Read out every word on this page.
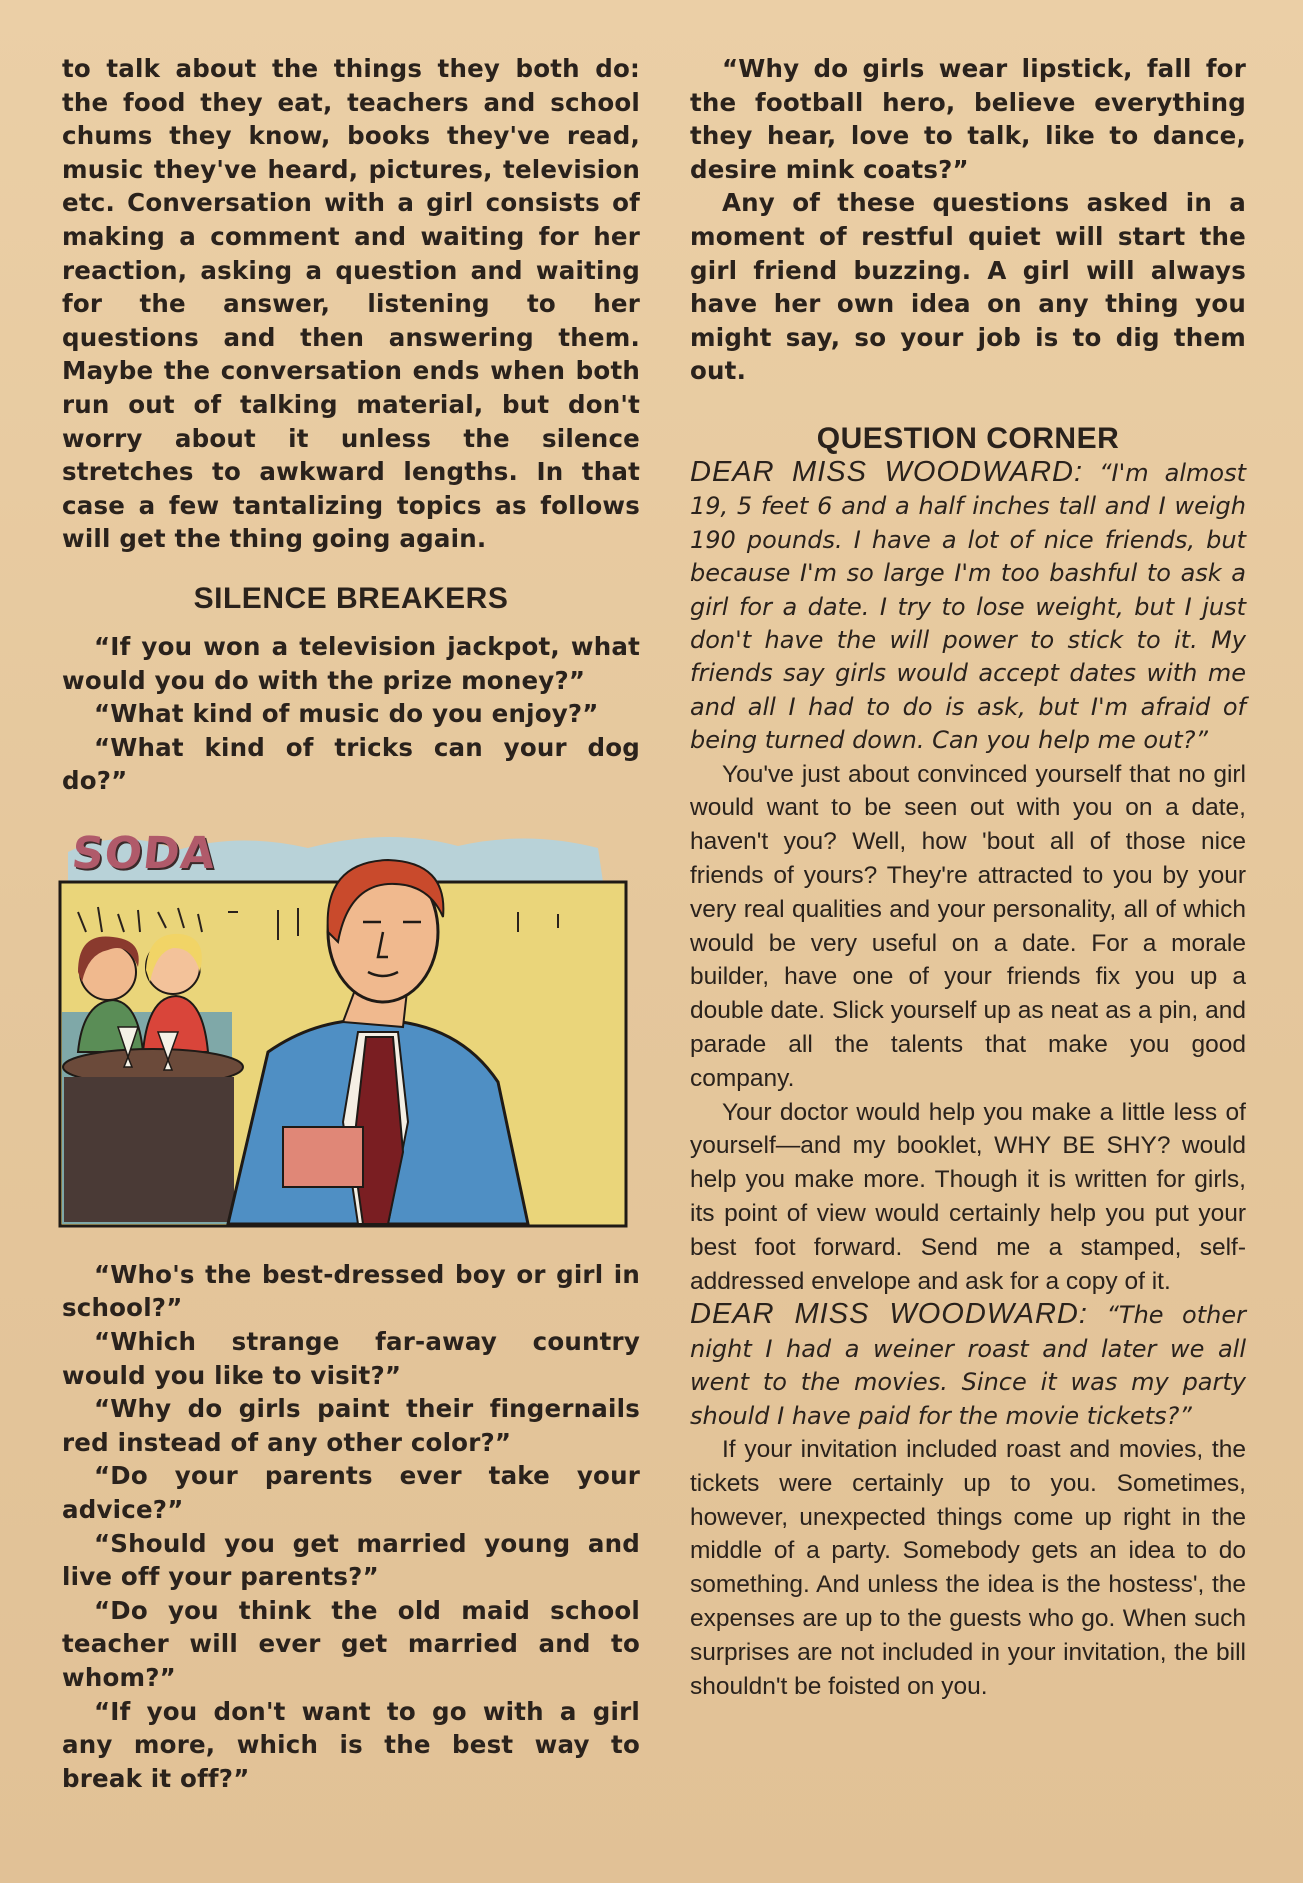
to talk about the things they both do: the food they eat, teachers and school chums they know, books they've read, music they've heard, pictures, television etc. Conversation with a girl consists of making a comment and waiting for her reaction, asking a question and waiting for the answer, listening to her questions and then answering them. Maybe the conversation ends when both run out of talking material, but don't worry about it unless the silence stretches to awkward lengths. In that case a few tantalizing topics as follows will get the thing going again.

SILENCE BREAKERS

“If you won a television jackpot, what would you do with the prize money?”

“What kind of music do you enjoy?”

“What kind of tricks can your dog do?”

SODA

“Who's the best-dressed boy or girl in school?”

“Which strange far-away country would you like to visit?”

“Why do girls paint their fingernails red instead of any other color?”

“Do your parents ever take your advice?”

“Should you get married young and live off your parents?”

“Do you think the old maid school teacher will ever get married and to whom?”

“If you don't want to go with a girl any more, which is the best way to break it off?”

“Why do girls wear lipstick, fall for the football hero, believe everything they hear, love to talk, like to dance, desire mink coats?”

Any of these questions asked in a moment of restful quiet will start the girl friend buzzing. A girl will always have her own idea on any thing you might say, so your job is to dig them out.

QUESTION CORNER

DEAR MISS WOODWARD: “I'm almost 19, 5 feet 6 and a half inches tall and I weigh 190 pounds. I have a lot of nice friends, but because I'm so large I'm too bashful to ask a girl for a date. I try to lose weight, but I just don't have the will power to stick to it. My friends say girls would accept dates with me and all I had to do is ask, but I'm afraid of being turned down. Can you help me out?”

You've just about convinced yourself that no girl would want to be seen out with you on a date, haven't you? Well, how 'bout all of those nice friends of yours? They're attracted to you by your very real qualities and your personality, all of which would be very useful on a date. For a morale builder, have one of your friends fix you up a double date. Slick yourself up as neat as a pin, and parade all the talents that make you good company.

Your doctor would help you make a little less of yourself—and my booklet, WHY BE SHY? would help you make more. Though it is written for girls, its point of view would certainly help you put your best foot forward. Send me a stamped, self-addressed envelope and ask for a copy of it.

DEAR MISS WOODWARD: “The other night I had a weiner roast and later we all went to the movies. Since it was my party should I have paid for the movie tickets?”

If your invitation included roast and movies, the tickets were certainly up to you. Sometimes, however, unexpected things come up right in the middle of a party. Somebody gets an idea to do something. And unless the idea is the hostess', the expenses are up to the guests who go. When such surprises are not included in your invitation, the bill shouldn't be foisted on you.
